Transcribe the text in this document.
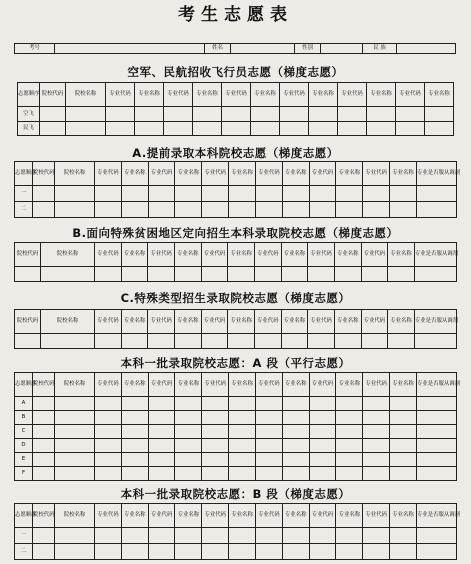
考生志愿表
考号		姓名		性别		民 族	
空军、民航招收飞行员志愿（梯度志愿）
志愿顺序	院校代码	院校名称	专业代码	专业名称	专业代码	专业名称	专业代码	专业名称	专业代码	专业名称	专业代码	专业名称	专业代码	专业名称
空飞														
民飞														
A.提前录取本科院校志愿（梯度志愿）
志愿顺序	院校代码	院校名称	专业代码	专业名称	专业代码	专业名称	专业代码	专业名称	专业代码	专业名称	专业代码	专业名称	专业代码	专业名称	专业是否服从调剂
一															
二															
B.面向特殊贫困地区定向招生本科录取院校志愿（梯度志愿）
院校代码	院校名称	专业代码	专业名称	专业代码	专业名称	专业代码	专业名称	专业代码	专业名称	专业代码	专业名称	专业代码	专业名称	专业是否服从调剂

C.特殊类型招生录取院校志愿（梯度志愿）
院校代码	院校名称	专业代码	专业名称	专业代码	专业名称	专业代码	专业名称	专业代码	专业名称	专业代码	专业名称	专业代码	专业名称	专业是否服从调剂

本科一批录取院校志愿：A 段（平行志愿）
志愿顺序	院校代码	院校名称	专业代码	专业名称	专业代码	专业名称	专业代码	专业名称	专业代码	专业名称	专业代码	专业名称	专业代码	专业名称	专业是否服从调剂
A															
B															
C															
D															
E															
F															
本科一批录取院校志愿：B 段（梯度志愿）
志愿顺序	院校代码	院校名称	专业代码	专业名称	专业代码	专业名称	专业代码	专业名称	专业代码	专业名称	专业代码	专业名称	专业代码	专业名称	专业是否服从调剂
一															
二															
